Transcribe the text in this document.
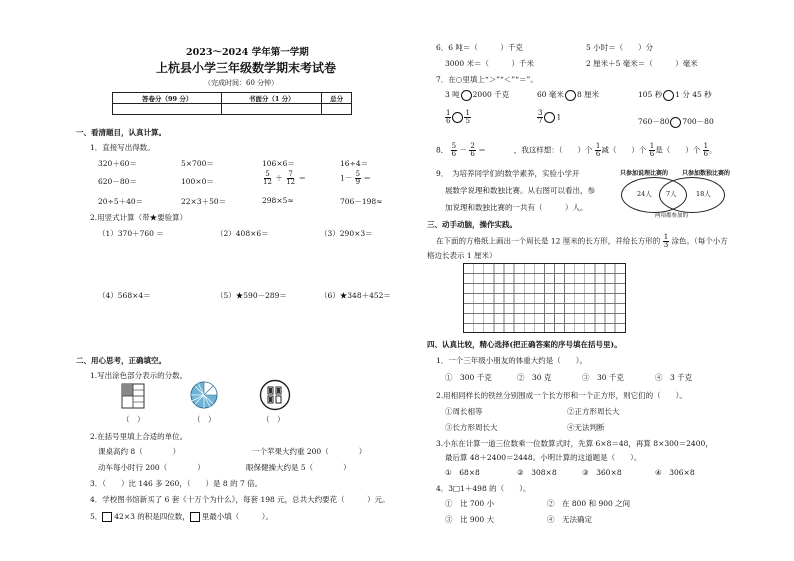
2023～2024 学年第一学期
上杭县小学三年级数学期末考试卷
（完成时间：60 分钟）
答卷分（99 分）	书面分（1 分）	总分

一、看清题目，认真计算。
1．直接写出得数。
320＋60＝	5×700＝	106×6＝	16÷4＝
620－80＝	100×0＝	$\frac{5}{12} + \frac{7}{12}$ ＝	$1- \frac{5}{9}$ ＝
20÷5＋40＝	22×3＋50＝	298×5≈	706－198≈
2.用竖式计算（带★要验算）
（1）370＋760 ＝	（2）408×6＝	（3）290×3＝
（4）568×4＝	（5）★590－289＝	（6）★348＋452＝
二、用心思考，正确填空。
1.写出涂色部分表示的分数。
（　）	（　）	（　）
2.在括号里填上合适的单位。
课桌高约 8（　　　　）	一个苹果大约重 200（　　　　）
动车每小时行 200（　　　　）	眼保健操大约是 5（　　　　）
3．（　　）比 146 多 260，（　　）是 8 的 7 倍。
4．学校图书馆新买了 6 套《十万个为什么》，每套 198 元，总共大约要花（　　　）元。
5． 42×3 的积是四位数， 里最小填（　　　）。
6．6 吨＝（　　　）千克	5 小时＝（　　）分
3000 米＝（　　　）千米	2 厘米＋5 毫米＝（　　　）毫米
7．在○里填上“＞”“＜”“＝”。
3 吨 2000 千克	60 毫米 8 厘米	105 秒 1 分 45 秒
$\frac{1}{6} \frac{1}{5}$	$\frac{3}{7} 1$	760－80 700－80
8． $\frac{5}{6} - \frac{2}{6}$ ＝	，我这样想：（　　）个 $\frac{1}{6}$ 减（　　）个 $\frac{1}{6}$ 是（　　）个 $\frac{1}{6}$ 。
9．　为培养同学们的数学素养，实验小学开
展数学说理和数独比赛。从右图可以看出，参
加说理和数独比赛的一共有（　　　）人。
只参加说理比赛的 只参加数独比赛的
24人 7人	18人
两项都参加的
三、动手动脑，操作实践。
在下面的方格纸上画出一个周长是 12 厘米的长方形，并给长方形的 $\frac{1}{3}$ 涂色。（每个小方
格边长表示 1 厘米）
四、认真比较，精心选择(把正确答案的序号填在括号里)。
1．一个三年级小朋友的体重大约是（　　）。
①　300 千克	②　30 克	③　30 千克	④　3 千克
2.用相同样长的铁丝分别围成一个长方形和一个正方形，则它们的（　　）。
①周长相等	②正方形周长大
③长方形周长大	④无法判断
3.小东在计算一道三位数乘一位数算式时，先算 6×8＝48，再算 8×300＝2400，
最后算 48＋2400＝2448。小明计算的这道题是（　　）。
①　68×8	②　308×8	③　360×8	④　306×8
4．3□1＋498 的（　　）。
①　比 700 小	②　在 800 和 900 之间
③　比 900 大	④　无法确定
